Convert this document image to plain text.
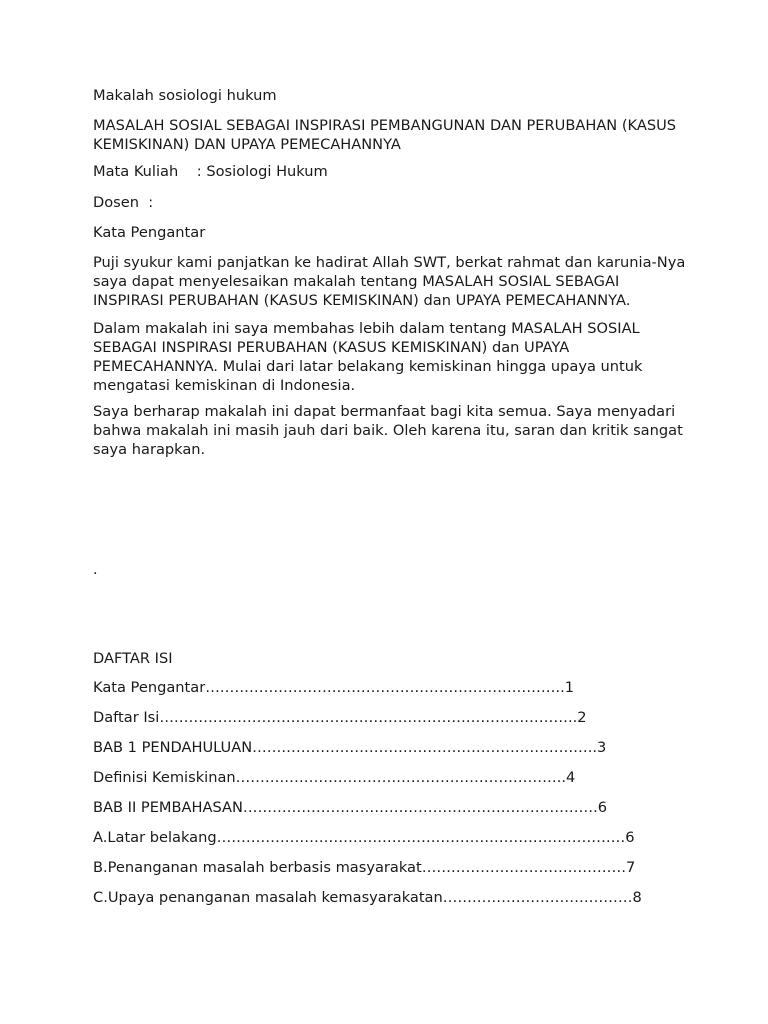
Makalah sosiologi hukum

MASALAH SOSIAL SEBAGAI INSPIRASI PEMBANGUNAN DAN PERUBAHAN (KASUS
KEMISKINAN) DAN UPAYA PEMECAHANNYA

Mata Kuliah    : Sosiologi Hukum

Dosen  :

Kata Pengantar

Puji syukur kami panjatkan ke hadirat Allah SWT, berkat rahmat dan karunia-Nya
saya dapat menyelesaikan makalah tentang MASALAH SOSIAL SEBAGAI
INSPIRASI PERUBAHAN (KASUS KEMISKINAN) dan UPAYA PEMECAHANNYA.
Dalam makalah ini saya membahas lebih dalam tentang MASALAH SOSIAL
SEBAGAI INSPIRASI PERUBAHAN (KASUS KEMISKINAN) dan UPAYA
PEMECAHANNYA. Mulai dari latar belakang kemiskinan hingga upaya untuk
mengatasi kemiskinan di Indonesia.
Saya berharap makalah ini dapat bermanfaat bagi kita semua. Saya menyadari
bahwa makalah ini masih jauh dari baik. Oleh karena itu, saran dan kritik sangat
saya harapkan.

.

DAFTAR ISI

Kata Pengantar………………………………………………………………..1

Daftar Isi…………………………………………………………………………..2

BAB 1 PENDAHULUAN……………………………………………………………..3

Definisi Kemiskinan…………………………………………………………..4

BAB II PEMBAHASAN……………………………………………………………….6

A.Latar belakang…………………………………………………………………………6

B.Penanganan masalah berbasis masyarakat……………………………………7

C.Upaya penanganan masalah kemasyarakatan…………………………………8
